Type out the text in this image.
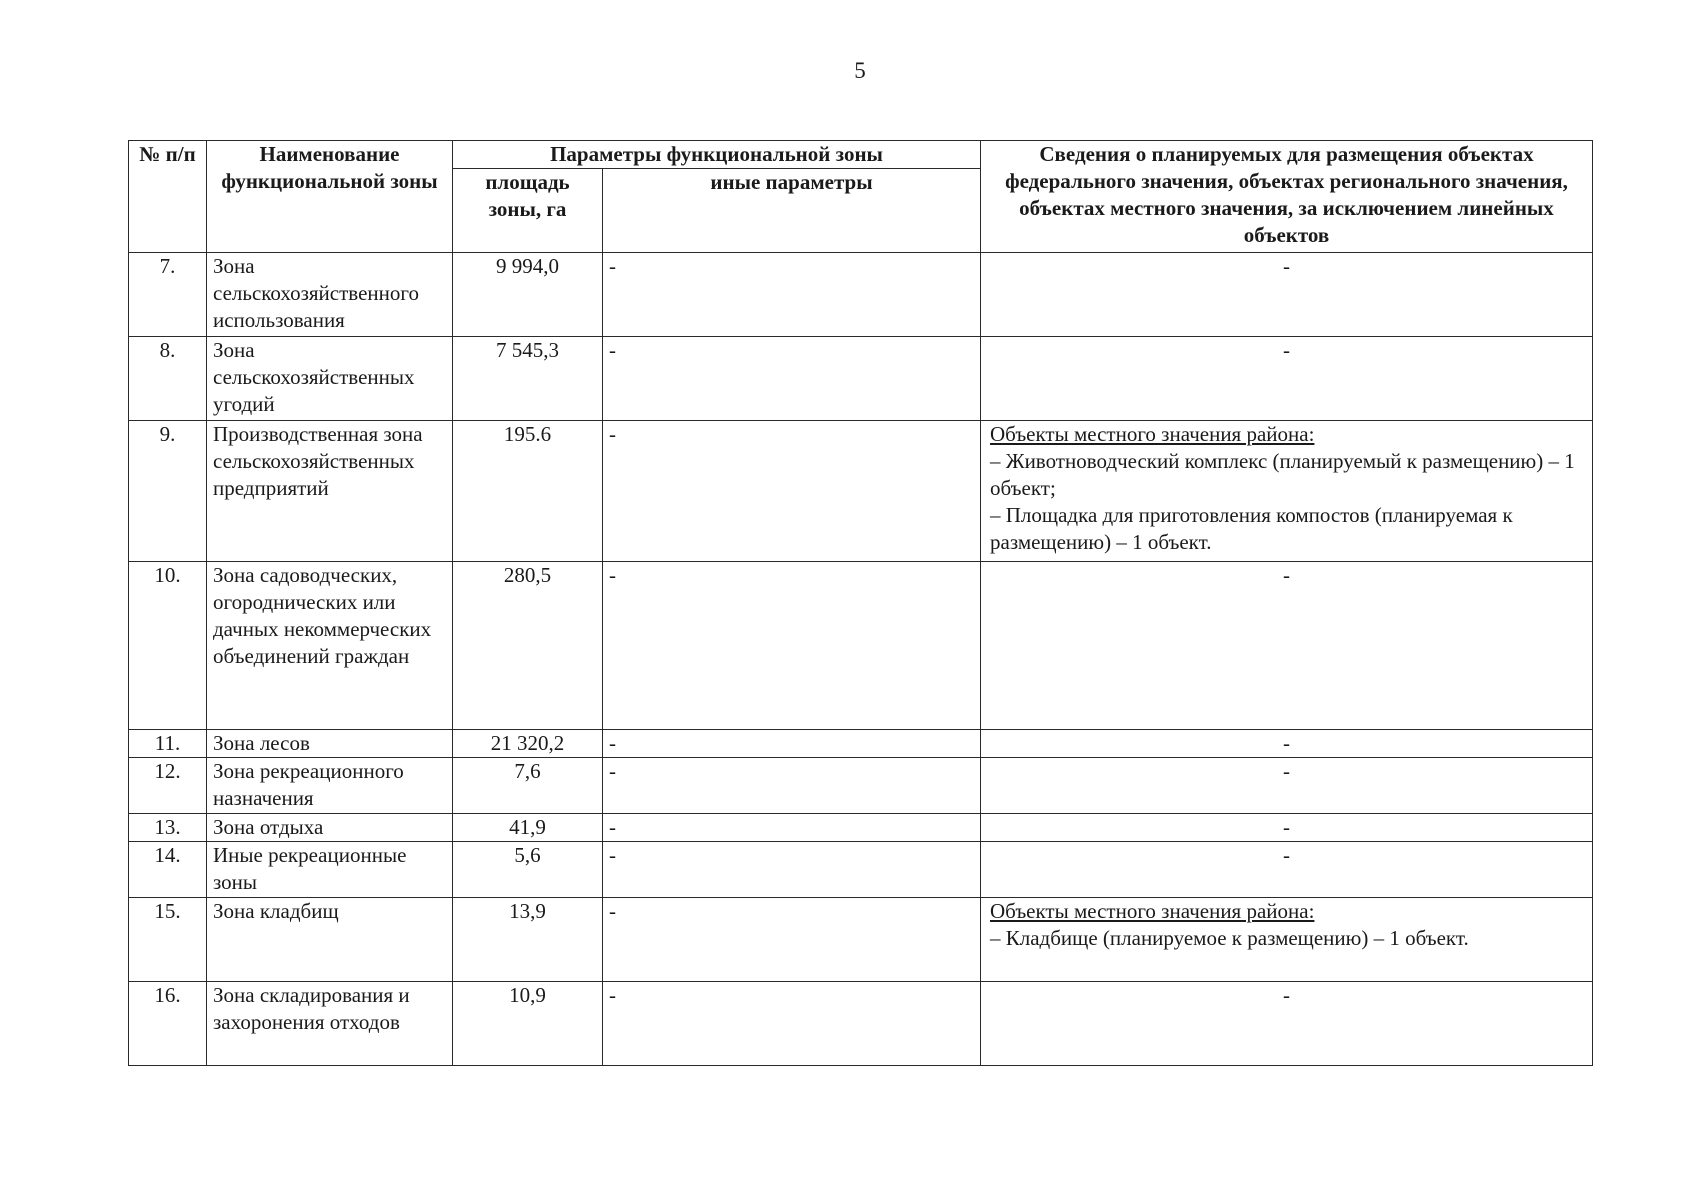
5
№ п/п	Наименование функциональной зоны	Параметры функциональной зоны		Сведения о планируемых для размещения объектах федерального значения, объектах регионального значения, объектах местного значения, за исключением линейных объектов
		площадь зоны, га	иные параметры	
7.	Зона сельскохозяйственного использования	9 994,0	-	-
8.	Зона сельскохозяйственных угодий	7 545,3	-	-
9.	Производственная зона сельскохозяйственных предприятий	195.6	-	Объекты местного значения района:
– Животноводческий комплекс (планируемый к размещению) – 1 объект;
– Площадка для приготовления компостов (планируемая к размещению) – 1 объект.

10.	Зона садоводческих, огороднических или дачных некоммерческих объединений граждан	280,5	-	-
11.	Зона лесов	21 320,2	-	-
12.	Зона рекреационного назначения	7,6	-	-
13.	Зона отдыха	41,9	-	-
14.	Иные рекреационные зоны	5,6	-	-
15.	Зона кладбищ	13,9	-	Объекты местного значения района:
– Кладбище (планируемое к размещению) – 1 объект.

16.	Зона складирования и захоронения отходов	10,9	-	-
